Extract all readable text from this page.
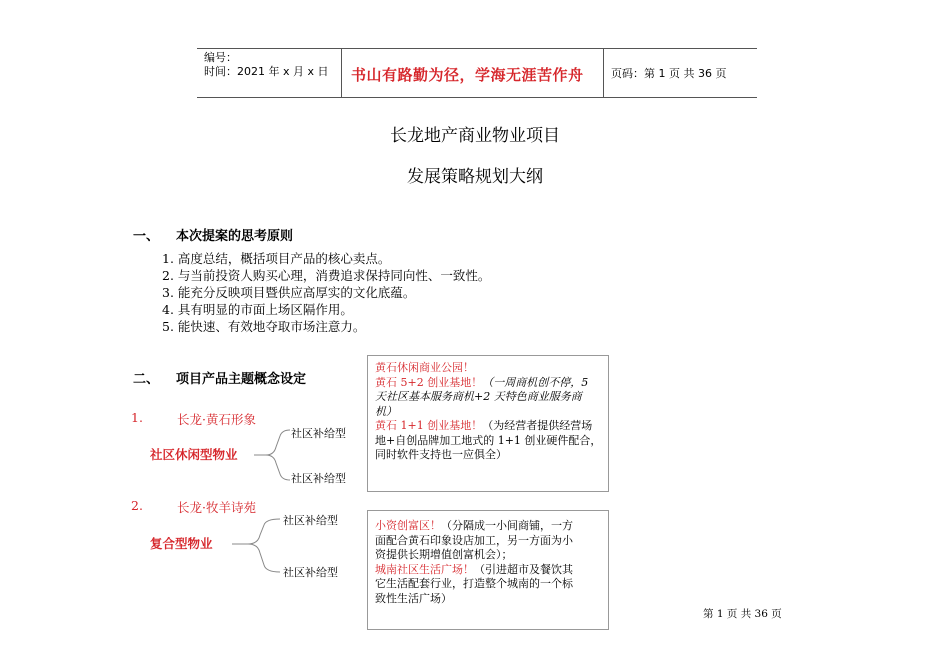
编号：
时间：2021 年 x 月 x 日 书山有路勤为径，学海无涯苦作舟 页码：第 1 页 共 36 页
长龙地产商业物业项目
发展策略规划大纲
一、 本次提案的思考原则
1. 高度总结，概括项目产品的核心卖点。
2. 与当前投资人购买心理，消费追求保持同向性、一致性。
3. 能充分反映项目暨供应高厚实的文化底蕴。
4. 具有明显的市面上场区隔作用。
5. 能快速、有效地夺取市场注意力。
二、 项目产品主题概念设定
1.	长龙·黄石形象
社区休闲型物业
社区补给型
社区补给型
2.	长龙·牧羊诗苑
复合型物业
社区补给型
社区补给型
黄石休闲商业公园！
黄石 5+2 创业基地！（一周商机创不停，5
天社区基本服务商机+2 天特色商业服务商
机）
黄石 1+1 创业基地！（为经营者提供经营场
地+自创品牌加工地式的 1+1 创业硬件配合，
同时软件支持也一应俱全）
小资创富区！（分隔成一小间商铺，一方
面配合黄石印象设店加工，另一方面为小
资提供长期增值创富机会）；
城南社区生活广场！（引进超市及餐饮其
它生活配套行业，打造整个城南的一个标
致性生活广场）
第 1 页 共 36 页
